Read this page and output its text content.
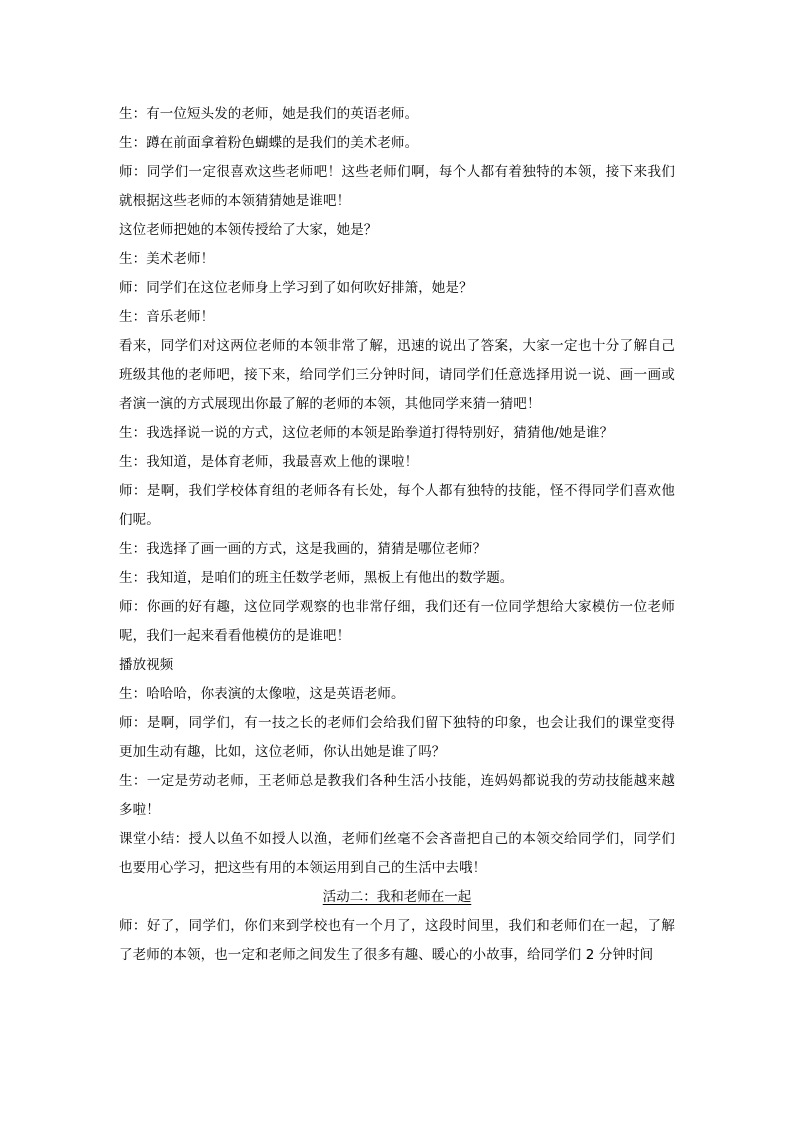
生：有一位短头发的老师，她是我们的英语老师。

生：蹲在前面拿着粉色蝴蝶的是我们的美术老师。

师：同学们一定很喜欢这些老师吧！这些老师们啊，每个人都有着独特的本领，接下来我们就根据这些老师的本领猜猜她是谁吧！

这位老师把她的本领传授给了大家，她是？

生：美术老师！

师：同学们在这位老师身上学习到了如何吹好排箫，她是？

生：音乐老师！

看来，同学们对这两位老师的本领非常了解，迅速的说出了答案，大家一定也十分了解自己班级其他的老师吧，接下来，给同学们三分钟时间，请同学们任意选择用说一说、画一画或者演一演的方式展现出你最了解的老师的本领，其他同学来猜一猜吧！

生：我选择说一说的方式，这位老师的本领是跆拳道打得特别好，猜猜他/她是谁？

生：我知道，是体育老师，我最喜欢上他的课啦！

师：是啊，我们学校体育组的老师各有长处，每个人都有独特的技能，怪不得同学们喜欢他们呢。

生：我选择了画一画的方式，这是我画的，猜猜是哪位老师？

生：我知道，是咱们的班主任数学老师，黑板上有他出的数学题。

师：你画的好有趣，这位同学观察的也非常仔细，我们还有一位同学想给大家模仿一位老师呢，我们一起来看看他模仿的是谁吧！

播放视频

生：哈哈哈，你表演的太像啦，这是英语老师。

师：是啊，同学们，有一技之长的老师们会给我们留下独特的印象，也会让我们的课堂变得更加生动有趣，比如，这位老师，你认出她是谁了吗？

生：一定是劳动老师，王老师总是教我们各种生活小技能，连妈妈都说我的劳动技能越来越多啦！

课堂小结：授人以鱼不如授人以渔，老师们丝毫不会吝啬把自己的本领交给同学们，同学们也要用心学习，把这些有用的本领运用到自己的生活中去哦！

活动二：我和老师在一起

师：好了，同学们，你们来到学校也有一个月了，这段时间里，我们和老师们在一起，了解了老师的本领，也一定和老师之间发生了很多有趣、暖心的小故事，给同学们 2 分钟时间
